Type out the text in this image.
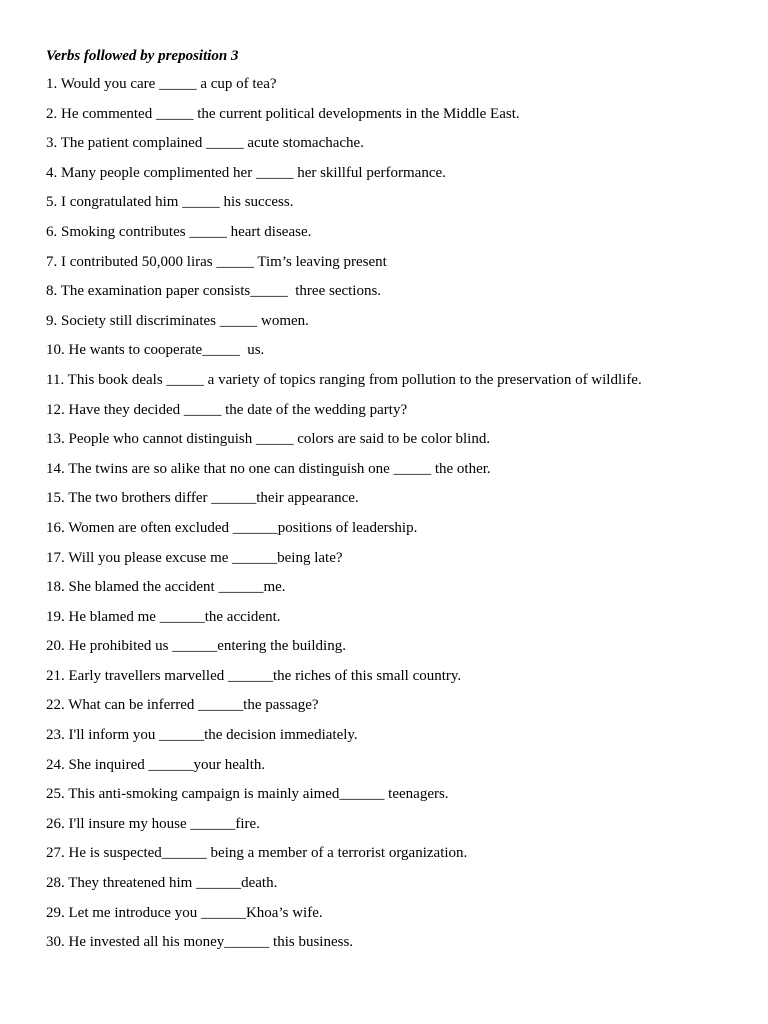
Verbs followed by preposition 3
1. Would you care _____ a cup of tea?
2. He commented _____ the current political developments in the Middle East.
3. The patient complained _____ acute stomachache.
4. Many people complimented her _____ her skillful performance.
5. I congratulated him _____ his success.
6. Smoking contributes _____ heart disease.
7. I contributed 50,000 liras _____ Tim’s leaving present
8. The examination paper consists_____  three sections.
9. Society still discriminates _____ women.
10. He wants to cooperate_____  us.
11. This book deals _____ a variety of topics ranging from pollution to the preservation of wildlife.
12. Have they decided _____ the date of the wedding party?
13. People who cannot distinguish _____ colors are said to be color blind.
14. The twins are so alike that no one can distinguish one _____ the other.
15. The two brothers differ ______their appearance.
16. Women are often excluded ______positions of leadership.
17. Will you please excuse me ______being late?
18. She blamed the accident ______me.
19. He blamed me ______the accident.
20. He prohibited us ______entering the building.
21. Early travellers marvelled ______the riches of this small country.
22. What can be inferred ______the passage?
23. I'll inform you ______the decision immediately.
24. She inquired ______your health.
25. This anti-smoking campaign is mainly aimed______ teenagers.
26. I'll insure my house ______fire.
27. He is suspected______ being a member of a terrorist organization.
28. They threatened him ______death.
29. Let me introduce you ______Khoa’s wife.
30. He invested all his money______ this business.
